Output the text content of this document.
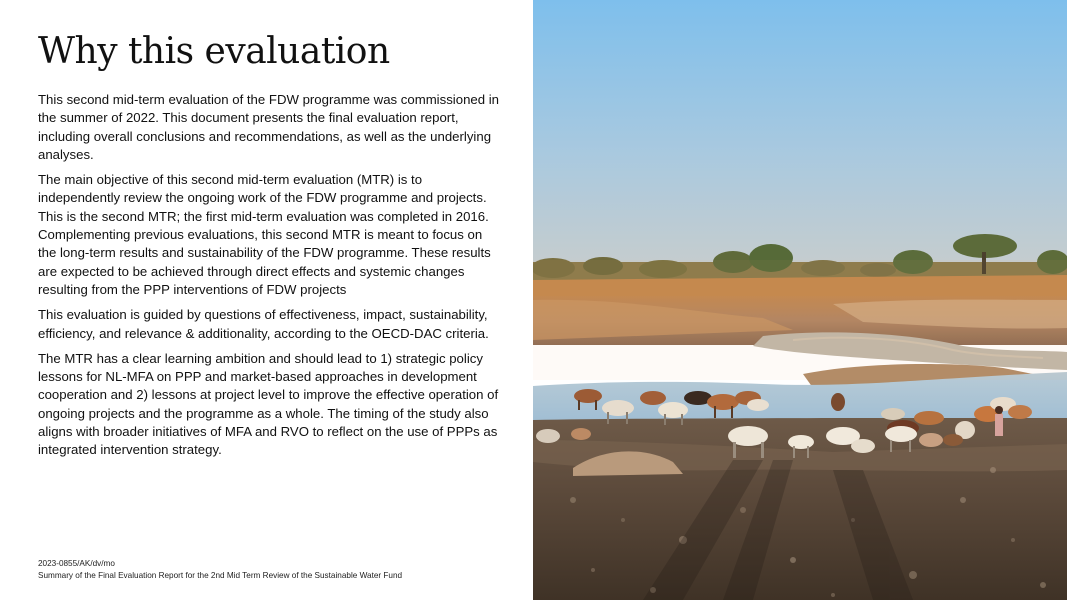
Why this evaluation

This second mid-term evaluation of the FDW programme was commissioned in the summer of 2022. This document presents the final evaluation report, including overall conclusions and recommendations, as well as the underlying analyses.

The main objective of this second mid-term evaluation (MTR) is to independently review the ongoing work of the FDW programme and projects. This is the second MTR; the first mid-term evaluation was completed in 2016. Complementing previous evaluations, this second MTR is meant to focus on the long-term results and sustainability of the FDW programme. These results are expected to be achieved through direct effects and systemic changes resulting from the PPP interventions of FDW projects

This evaluation is guided by questions of effectiveness, impact, sustainability, efficiency, and relevance & additionality, according to the OECD-DAC criteria.

The MTR has a clear learning ambition and should lead to 1) strategic policy lessons for NL-MFA on PPP and market-based approaches in development cooperation and 2) lessons at project level to improve the effective operation of ongoing projects and the programme as a whole. The timing of the study also aligns with broader initiatives of MFA and RVO to reflect on the use of PPPs as integrated intervention strategy.

2023-0855/AK/dv/mo
Summary of the Final Evaluation Report for the 2nd Mid Term Review of the Sustainable Water Fund
